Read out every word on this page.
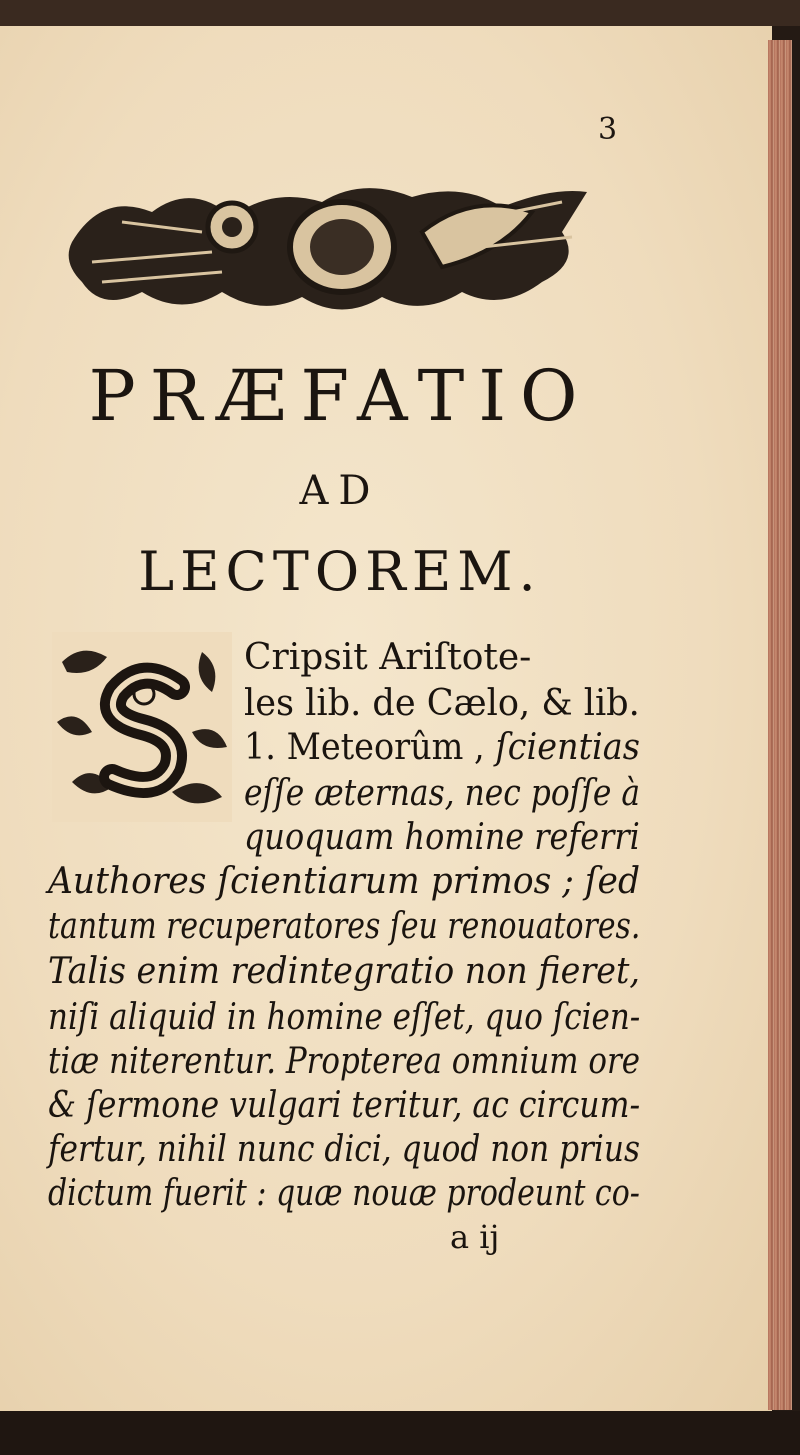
3
PRÆFATIO
AD
LECTOREM.
Cripsit Ariſtote-
les lib. de Cælo, & lib.
1. Meteorûm , ſcientias
eſſe æternas, nec poſſe à
quoquam homine referri
Authores ſcientiarum primos ; ſed
tantum recuperatores ſeu renouatores.
Talis enim redintegratio non fieret,
niſi aliquid in homine eſſet, quo ſcien-
tiæ niterentur. Propterea omnium ore
& ſermone vulgari teritur, ac circum-
fertur, nihil nunc dici, quod non prius
dictum fuerit : quæ nouæ prodeunt co-
a ij
